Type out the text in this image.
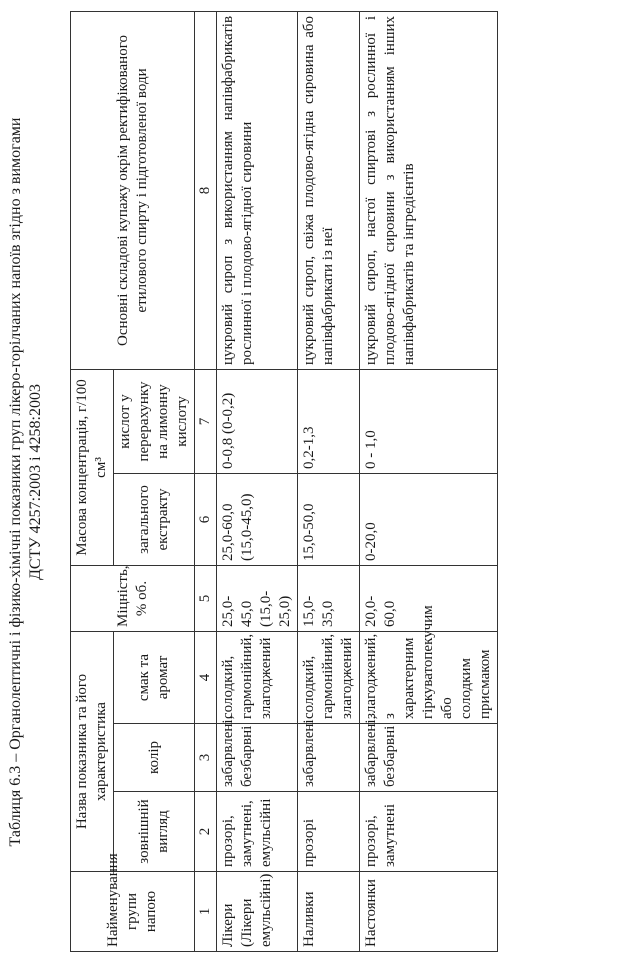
Таблиця 6.3 – Органолептичні і фізико-хімічні показники груп лікеро-горілчаних напоїв згідно з вимогами ДСТУ 4257:2003 і 4258:2003
Найменування групи напою	Назва показника та його характеристика			Міцність, % об.	Масова концентрація, г/100 см³		Основні складові купажу окрім ректифікованого етилового спирту і підготовленої води
	зовнішній вигляд	колір	смак та аромат		загального екстракту	кислот у перерахунку на лимонну кислоту	
1	2	3	4	5	6	7	8
Лікери (Лікери емульсійні)	прозорі, замутнені, емульсійні	забарвлені, безбарвні	солодкий, гармонійний, злагоджений	25,0-45,0 (15,0-25,0)	25,0-60,0 (15,0-45,0)	0-0,8 (0-0,2)	цукровий сироп з використанням напівфабрикатів рослинної і плодово-ягідної сировини
Наливки	прозорі	забарвлені	солодкий, гармонійний, злагоджений	15,0-35,0	15,0-50,0	0,2-1,3	цукровий сироп, свіжа плодово-ягідна сировина або напівфабрикати із неї
Настоянки	прозорі, замутнені	забарвлені, безбарвні	злагоджений, з характерним гіркуватопекучим або солодким присмаком	20,0-60,0	0-20,0	0 - 1,0	цукровий сироп, настої спиртові з рослинної і плодово-ягідної сировини з використанням інших напівфабрикатів та інгредієнтів
